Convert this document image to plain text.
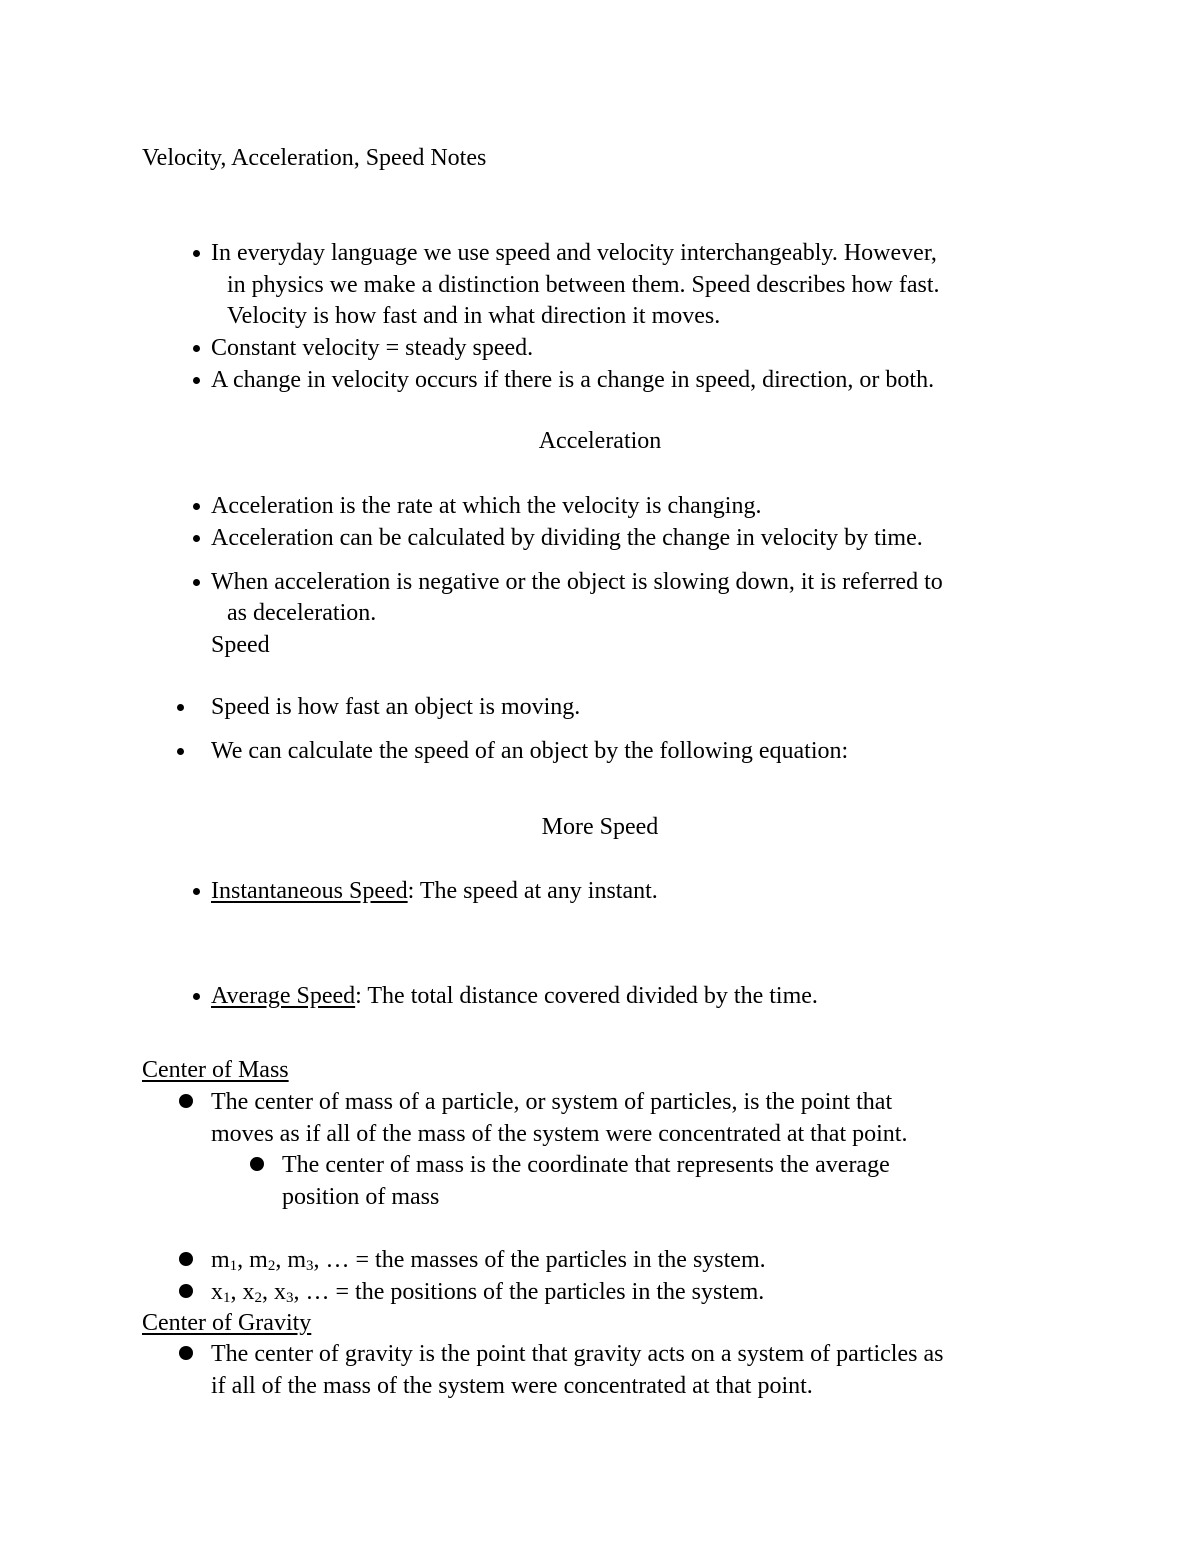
Velocity, Acceleration, Speed Notes
In everyday language we use speed and velocity interchangeably. However,
in physics we make a distinction between them. Speed describes how fast.
Velocity is how fast and in what direction it moves.
Constant velocity = steady speed.
A change in velocity occurs if there is a change in speed, direction, or both.
Acceleration
Acceleration is the rate at which the velocity is changing.
Acceleration can be calculated by dividing the change in velocity by time.
When acceleration is negative or the object is slowing down, it is referred to
as deceleration.
Speed
Speed is how fast an object is moving.
We can calculate the speed of an object by the following equation:
More Speed
Instantaneous Speed: The speed at any instant.
Average Speed: The total distance covered divided by the time.
Center of Mass
The center of mass of a particle, or system of particles, is the point that
moves as if all of the mass of the system were concentrated at that point.
The center of mass is the coordinate that represents the average
position of mass
$m_1$, $m_2$, $m_3$, … = the masses of the particles in the system.
$x_1$, $x_2$, $x_3$, … = the positions of the particles in the system.
Center of Gravity
The center of gravity is the point that gravity acts on a system of particles as
if all of the mass of the system were concentrated at that point.
